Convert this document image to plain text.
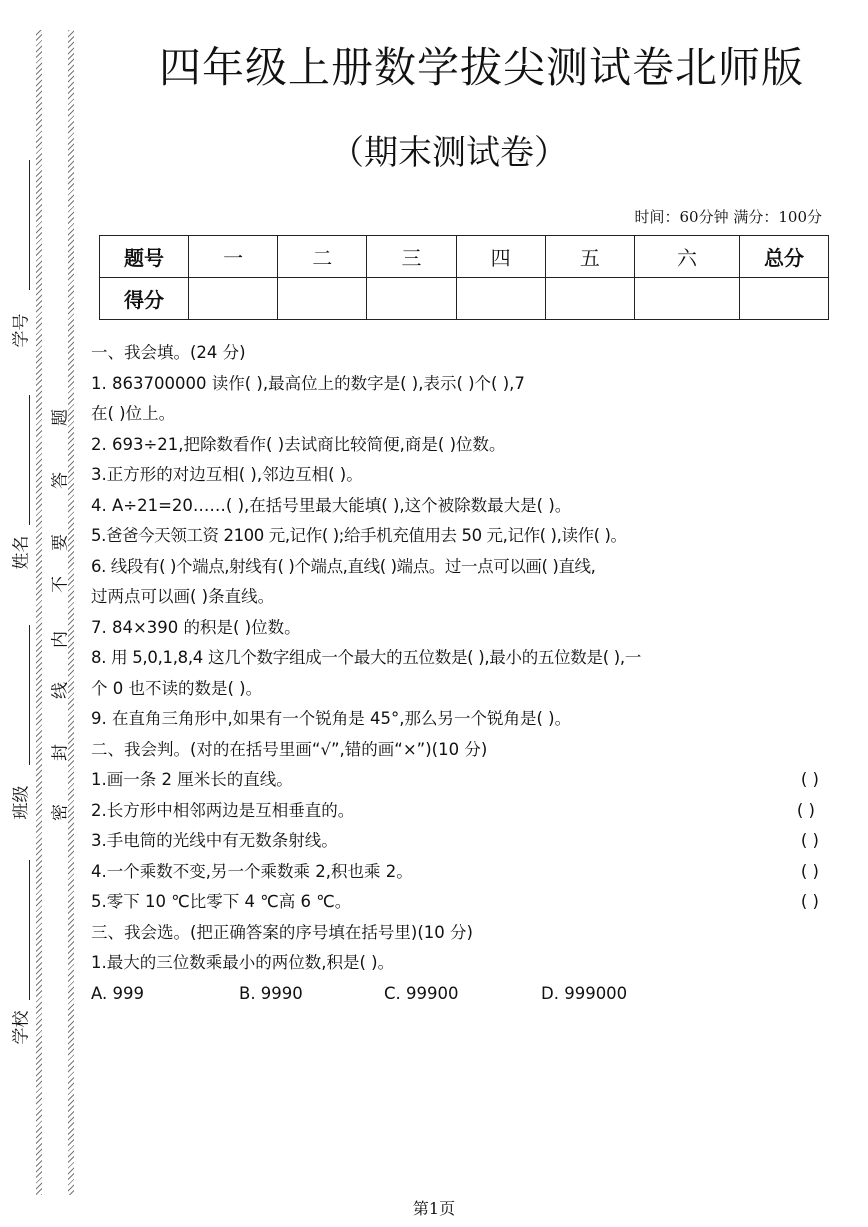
题
答
要
不
内
线
封
密
学号
姓名
班级
学校
四年级上册数学拔尖测试卷北师版
（期末测试卷）
时间：60分钟 满分：100分
题号	一	二	三	四	五	六	总分
得分							
一、我会填。(24 分)
1. 863700000 读作( ),最高位上的数字是( ),表示( )个( ),7
在( )位上。
2. 693÷21,把除数看作( )去试商比较简便,商是( )位数。
3.正方形的对边互相( ),邻边互相( )。
4. A÷21=20……( ),在括号里最大能填( ),这个被除数最大是( )。
5.爸爸今天领工资 2100 元,记作( );给手机充值用去 50 元,记作( ),读作( )。
6. 线段有( )个端点,射线有( )个端点,直线( )端点。过一点可以画( )直线,
过两点可以画( )条直线。
7. 84×390 的积是( )位数。
8. 用 5,0,1,8,4 这几个数字组成一个最大的五位数是( ),最小的五位数是( ),一
个 0 也不读的数是( )。
9. 在直角三角形中,如果有一个锐角是 45°,那么另一个锐角是( )。
二、我会判。(对的在括号里画“√”,错的画“×”)(10 分)
1.画一条 2 厘米长的直线。	( )
2.长方形中相邻两边是互相垂直的。	( )
3.手电筒的光线中有无数条射线。	( )
4.一个乘数不变,另一个乘数乘 2,积也乘 2。	( )
5.零下 10 ℃比零下 4 ℃高 6 ℃。	( )
三、我会选。(把正确答案的序号填在括号里)(10 分)
1.最大的三位数乘最小的两位数,积是( )。
A. 999	B. 9990	C. 99900	D. 999000
第1页
